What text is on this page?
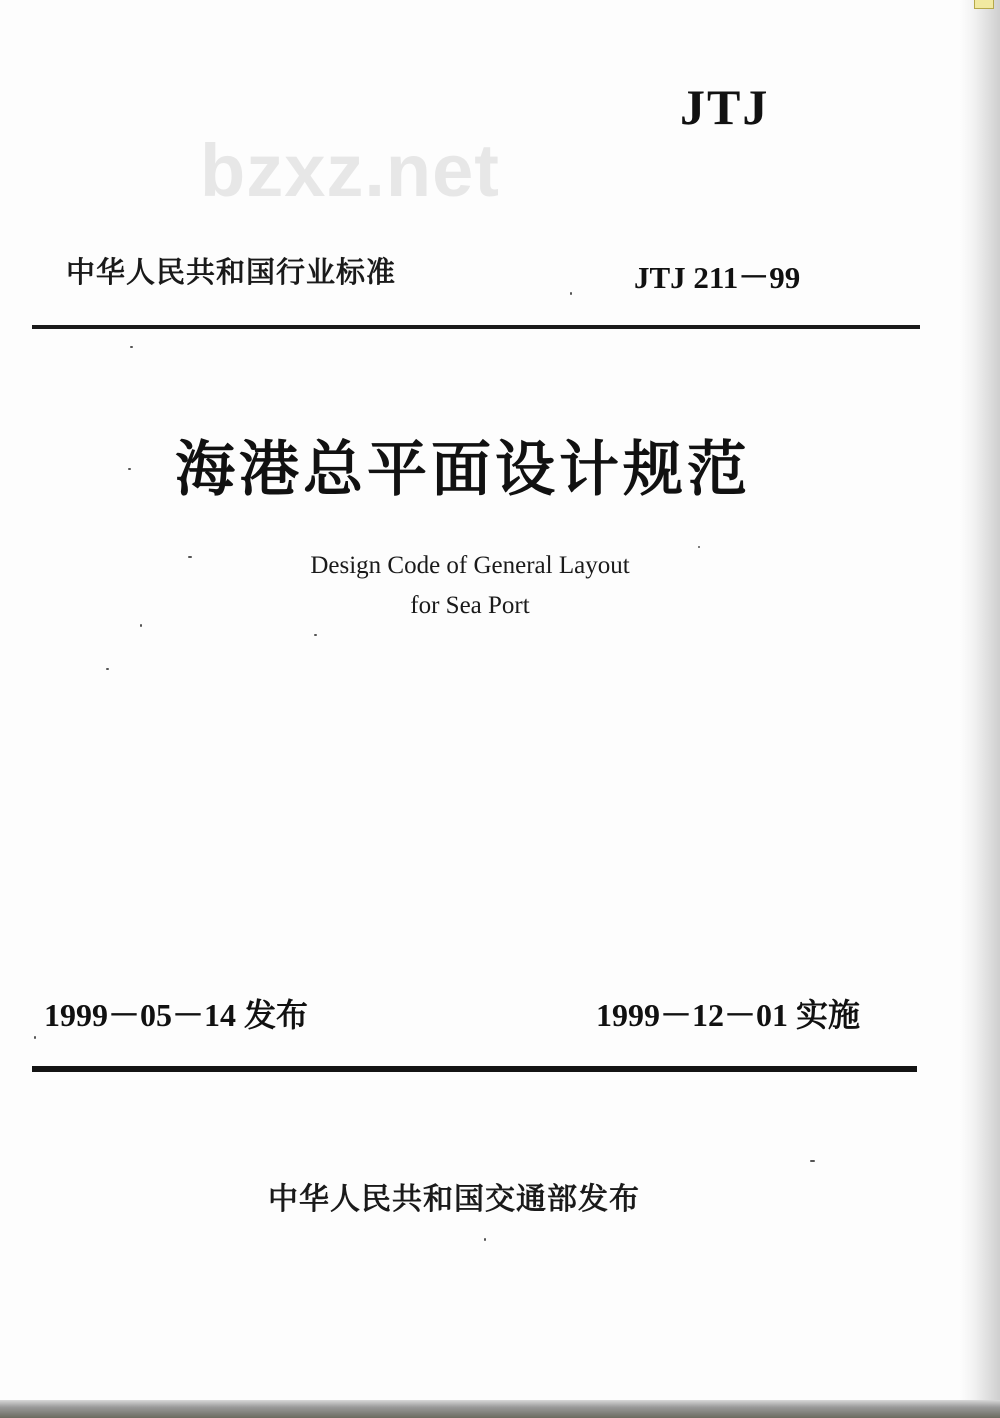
JTJ
bzxz.net
中华人民共和国行业标准	JTJ 211－99
海港总平面设计规范
Design Code of General Layout
for Sea Port
1999－05－14 发布	1999－12－01 实施
中华人民共和国交通部发布
